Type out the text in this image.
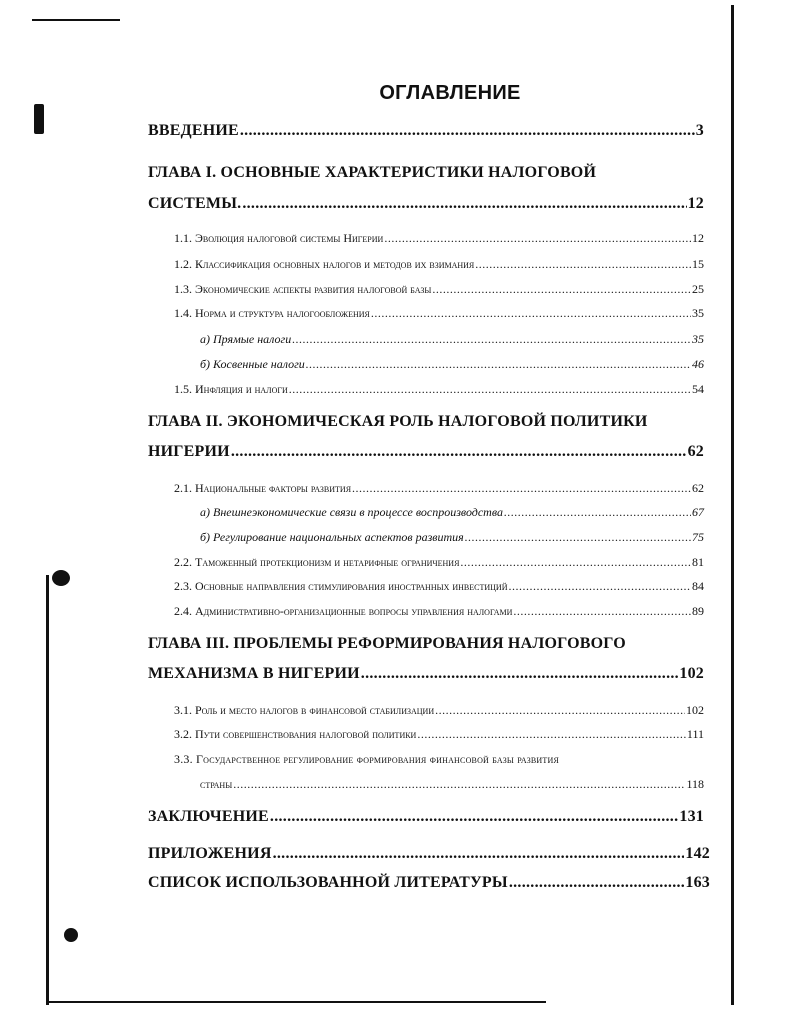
ОГЛАВЛЕНИЕ
ВВЕДЕНИЕ .....	3
ГЛАВА I. ОСНОВНЫЕ ХАРАКТЕРИСТИКИ НАЛОГОВОЙ
СИСТЕМЫ. .....	12
1.1. Эволюция налоговой системы Нигерии .....	12
1.2. Классификация основных налогов и методов их взимания .....	15
1.3. Экономические аспекты развития налоговой базы .....	25
1.4. Норма и структура налогообложения .....	35
а) Прямые налоги .....	35
б) Косвенные налоги .....	46
1.5. Инфляция и налоги .....	54
ГЛАВА II. ЭКОНОМИЧЕСКАЯ РОЛЬ НАЛОГОВОЙ ПОЛИТИКИ
НИГЕРИИ .....	62
2.1. Национальные факторы развития .....	62
а) Внешнеэкономические связи в процессе воспроизводства .....	67
б) Регулирование национальных аспектов развития .....	75
2.2. Таможенный протекционизм и нетарифные ограничения .....	81
2.3. Основные направления стимулирования иностранных инвестиций .....	84
2.4. Административно-организационные вопросы управления налогами .....	89
ГЛАВА III. ПРОБЛЕМЫ РЕФОРМИРОВАНИЯ НАЛОГОВОГО
МЕХАНИЗМА В НИГЕРИИ .....	102
3.1. Роль и место налогов в финансовой стабилизации .....	102
3.2. Пути совершенствования налоговой политики .....	111
3.3. Государственное регулирование формирования финансовой базы развития
страны .....	118
ЗАКЛЮЧЕНИЕ .....	131
ПРИЛОЖЕНИЯ .....	142
СПИСОК ИСПОЛЬЗОВАННОЙ ЛИТЕРАТУРЫ .....	163
